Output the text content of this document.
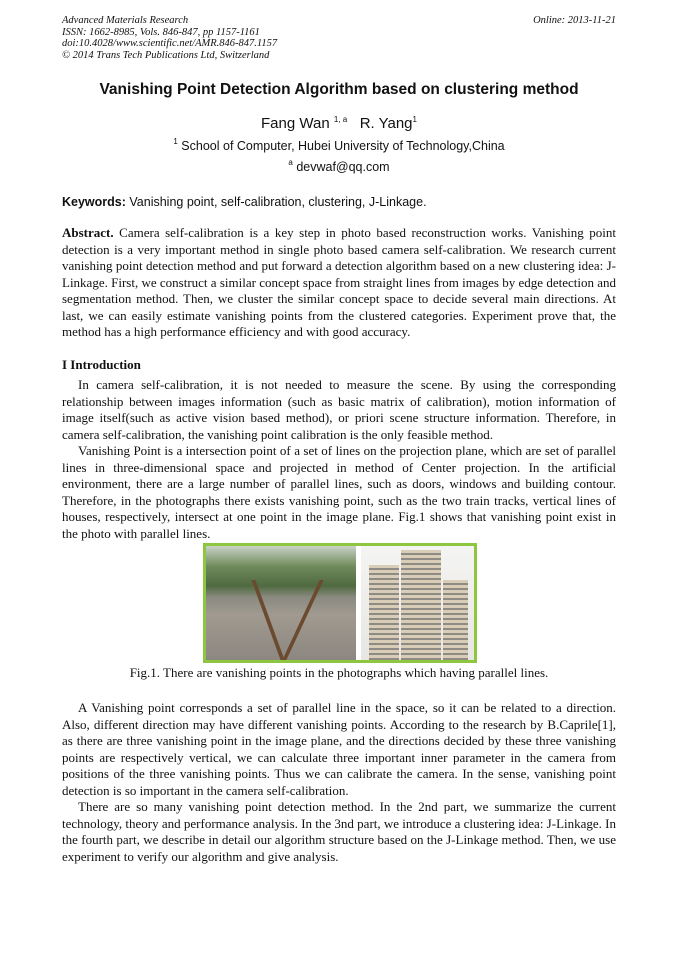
Advanced Materials Research
ISSN: 1662-8985, Vols. 846-847, pp 1157-1161
doi:10.4028/www.scientific.net/AMR.846-847.1157
© 2014 Trans Tech Publications Ltd, Switzerland
Online: 2013-11-21
Vanishing Point Detection Algorithm based on clustering method
Fang Wan $^{1, a}$ R. Yang$^1$
$^1$ School of Computer, Hubei University of Technology,China
$^a$ devwaf@qq.com
Keywords: Vanishing point, self-calibration, clustering, J-Linkage.

Abstract. Camera self-calibration is a key step in photo based reconstruction works. Vanishing point detection is a very important method in single photo based camera self-calibration. We research current vanishing point detection method and put forward a detection algorithm based on a new clustering idea: J-Linkage. First, we construct a similar concept space from straight lines from images by edge detection and segmentation method. Then, we cluster the similar concept space to decide several main directions. At last, we can easily estimate vanishing points from the clustered categories. Experiment prove that, the method has a high performance efficiency and with good accuracy.

I Introduction

In camera self-calibration, it is not needed to measure the scene. By using the corresponding relationship between images information (such as basic matrix of calibration), motion information of image itself(such as active vision based method), or priori scene structure information. Therefore, in camera self-calibration, the vanishing point calibration is the only feasible method.

Vanishing Point is a intersection point of a set of lines on the projection plane, which are set of parallel lines in three-dimensional space and projected in method of Center projection. In the artificial environment, there are a large number of parallel lines, such as doors, windows and building contour. Therefore, in the photographs there exists vanishing point, such as the two train tracks, vertical lines of houses, respectively, intersect at one point in the image plane. Fig.1 shows that vanishing point exist in the photo with parallel lines.

Fig.1. There are vanishing points in the photographs which having parallel lines.

A Vanishing point corresponds a set of parallel line in the space, so it can be related to a direction. Also, different direction may have different vanishing points. According to the research by B.Caprile[1], as there are three vanishing point in the image plane, and the directions decided by these three vanishing points are respectively vertical, we can calculate three important inner parameter in the camera from positions of the three vanishing points. Thus we can calibrate the camera. In the sense, vanishing point detection is so important in the camera self-calibration.

There are so many vanishing point detection method. In the 2nd part, we summarize the current technology, theory and performance analysis. In the 3nd part, we introduce a clustering idea: J-Linkage. In the fourth part, we describe in detail our algorithm structure based on the J-Linkage method. Then, we use experiment to verify our algorithm and give analysis.
